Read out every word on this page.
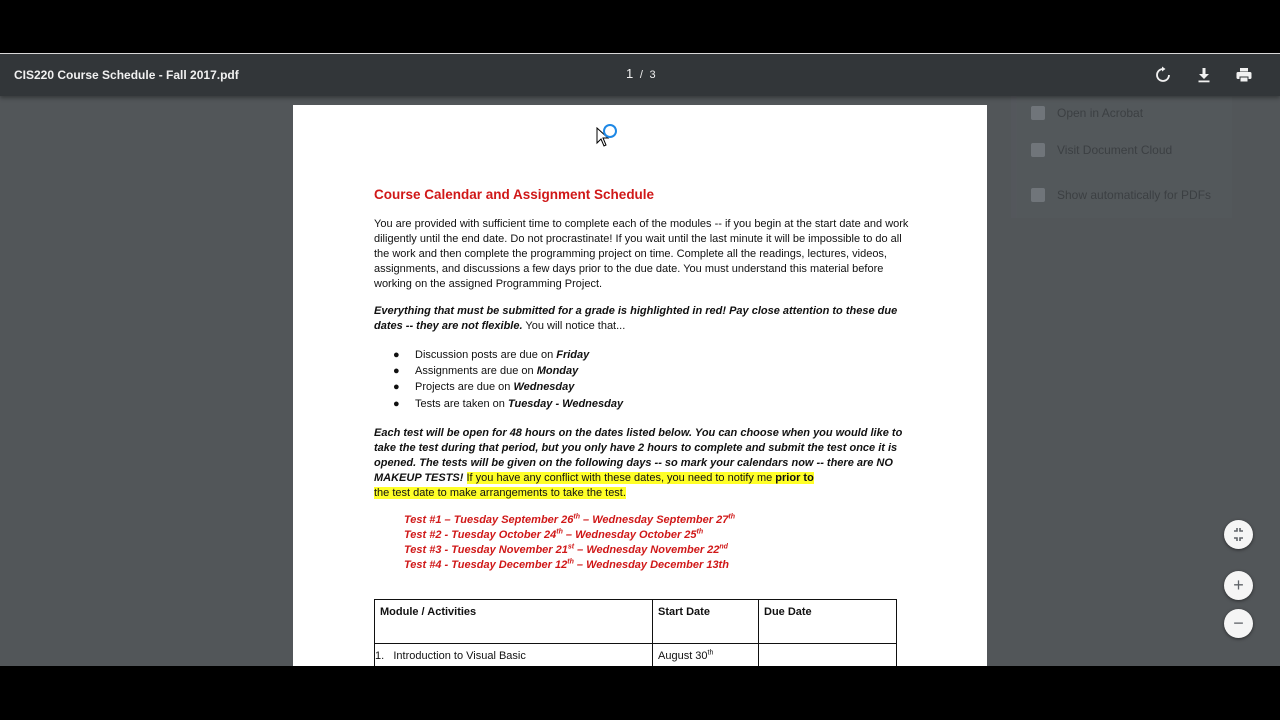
CIS220 Course Schedule - Fall 2017.pdf	1 / 3
Open in Acrobat
Visit Document Cloud
Show automatically for PDFs
Course Calendar and Assignment Schedule
You are provided with sufficient time to complete each of the modules -- if you begin at the start date and work diligently until the end date. Do not procrastinate! If you wait until the last minute it will be impossible to do all the work and then complete the programming project on time. Complete all the readings, lectures, videos, assignments, and discussions a few days prior to the due date. You must understand this material before working on the assigned Programming Project.
Everything that must be submitted for a grade is highlighted in red! Pay close attention to these due dates -- they are not flexible. You will notice that...
● Discussion posts are due on Friday
● Assignments are due on Monday
● Projects are due on Wednesday
● Tests are taken on Tuesday - Wednesday
Each test will be open for 48 hours on the dates listed below. You can choose when you would like to take the test during that period, but you only have 2 hours to complete and submit the test once it is opened. The tests will be given on the following days -- so mark your calendars now -- there are NO MAKEUP TESTS! If you have any conflict with these dates, you need to notify me prior to
the test date to make arrangements to take the test.
Test #1 – Tuesday September 26th – Wednesday September 27th
Test #2 - Tuesday October 24th – Wednesday October 25th
Test #3 - Tuesday November 21st – Wednesday November 22nd
Test #4 - Tuesday December 12th – Wednesday December 13th
Module / Activities	Start Date	Due Date
1. Introduction to Visual Basic	August 30th	
+
−
